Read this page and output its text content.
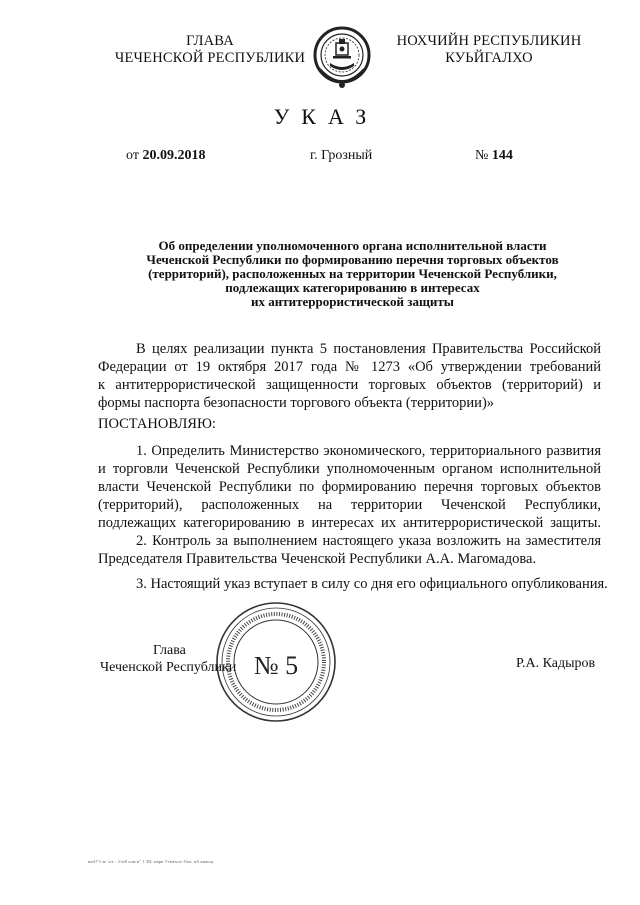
ГЛАВА
ЧЕЧЕНСКОЙ РЕСПУБЛИКИ
НОХЧИЙН РЕСПУБЛИКИН
КУЬЙГАЛХО
УКАЗ
от 20.09.2018	г. Грозный	№ 144
Об определении уполномоченного органа исполнительной власти
Чеченской Республики по формированию перечня торговых объектов
(территорий), расположенных на территории Чеченской Республики,
подлежащих категорированию в интересах
их антитеррористической защиты
В целях реализации пункта 5 постановления Правительства Российской
Федерации от 19 октября 2017 года № 1273 «Об утверждении требований
к антитеррористической защищенности торговых объектов (территорий) и
формы паспорта безопасности торгового объекта (территории)»
ПОСТАНОВЛЯЮ:
1. Определить Министерство экономического, территориального развития
и торговли Чеченской Республики уполномоченным органом исполнительной
власти Чеченской Республики по формированию перечня торговых объектов
(территорий), расположенных на территории Чеченской Республики,
подлежащих категорированию в интересах их антитеррористической защиты.
2. Контроль за выполнением настоящего указа возложить на заместителя
Председателя Правительства Чеченской Республики А.А. Магомадова.
3. Настоящий указ вступает в силу со дня его официального опубликования.
№ 5
Глава
Чеченской Республики	Р.А. Кадыров
юч47/1-м/ зсх - 2-н/8 ьом-и" 1 /Ш- мнри Уткнтолг-Ооп. нА аыюоц
